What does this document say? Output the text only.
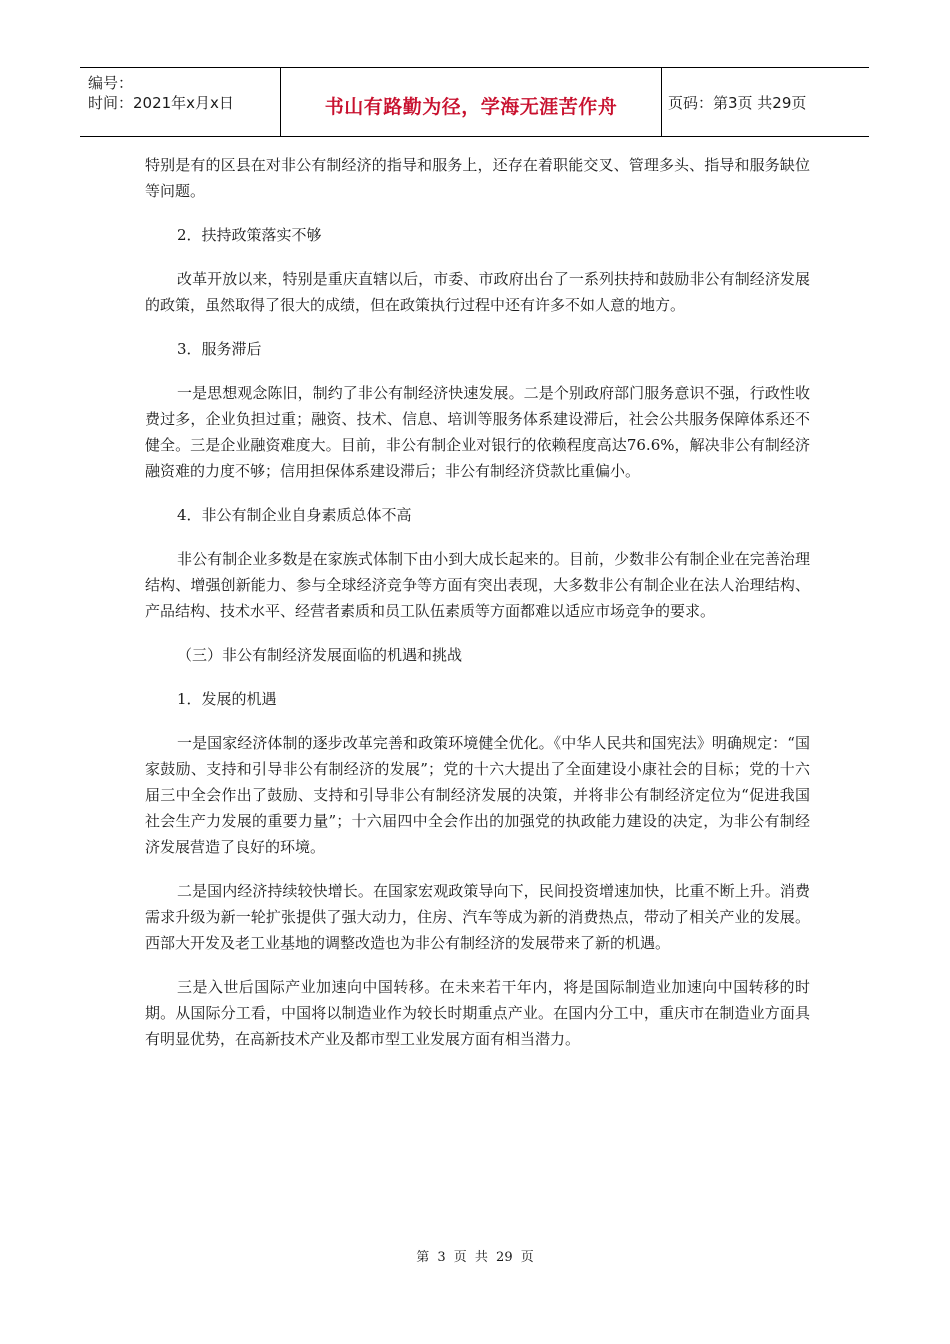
编号：
时间：2021年x月x日	书山有路勤为径，学海无涯苦作舟	页码：第3页 共29页

特别是有的区县在对非公有制经济的指导和服务上，还存在着职能交叉、管理多头、指导和服务缺位等问题。

2．扶持政策落实不够

改革开放以来，特别是重庆直辖以后，市委、市政府出台了一系列扶持和鼓励非公有制经济发展的政策，虽然取得了很大的成绩，但在政策执行过程中还有许多不如人意的地方。

3．服务滞后

一是思想观念陈旧，制约了非公有制经济快速发展。二是个别政府部门服务意识不强，行政性收费过多，企业负担过重；融资、技术、信息、培训等服务体系建设滞后，社会公共服务保障体系还不健全。三是企业融资难度大。目前，非公有制企业对银行的依赖程度高达76.6%，解决非公有制经济融资难的力度不够；信用担保体系建设滞后；非公有制经济贷款比重偏小。

4．非公有制企业自身素质总体不高

非公有制企业多数是在家族式体制下由小到大成长起来的。目前，少数非公有制企业在完善治理结构、增强创新能力、参与全球经济竞争等方面有突出表现，大多数非公有制企业在法人治理结构、产品结构、技术水平、经营者素质和员工队伍素质等方面都难以适应市场竞争的要求。

（三）非公有制经济发展面临的机遇和挑战

1．发展的机遇

一是国家经济体制的逐步改革完善和政策环境健全优化。《中华人民共和国宪法》明确规定：“国家鼓励、支持和引导非公有制经济的发展”；党的十六大提出了全面建设小康社会的目标；党的十六届三中全会作出了鼓励、支持和引导非公有制经济发展的决策，并将非公有制经济定位为“促进我国社会生产力发展的重要力量”；十六届四中全会作出的加强党的执政能力建设的决定，为非公有制经济发展营造了良好的环境。

二是国内经济持续较快增长。在国家宏观政策导向下，民间投资增速加快，比重不断上升。消费需求升级为新一轮扩张提供了强大动力，住房、汽车等成为新的消费热点，带动了相关产业的发展。西部大开发及老工业基地的调整改造也为非公有制经济的发展带来了新的机遇。

三是入世后国际产业加速向中国转移。在未来若干年内，将是国际制造业加速向中国转移的时期。从国际分工看，中国将以制造业作为较长时期重点产业。在国内分工中，重庆市在制造业方面具有明显优势，在高新技术产业及都市型工业发展方面有相当潜力。

第 3 页 共 29 页
